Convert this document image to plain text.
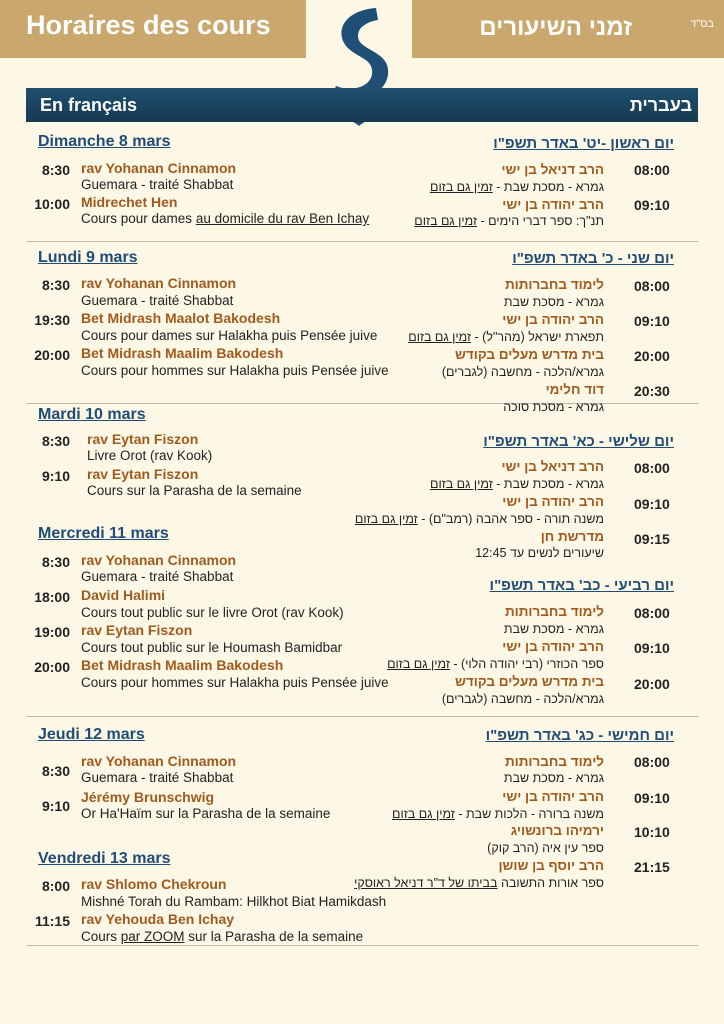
Horaires des cours	זמני השיעורים	בס"ד
En français	בעברית
Dimanche 8 mars
8:30 rav Yohanan Cinnamon
Guemara - traité Shabbat
10:00 Midrechet Hen
Cours pour dames au domicile du rav Ben Ichay
Lundi 9 mars
8:30 rav Yohanan Cinnamon
Guemara - traité Shabbat
19:30 Bet Midrash Maalot Bakodesh
Cours pour dames sur Halakha puis Pensée juive
20:00 Bet Midrash Maalim Bakodesh
Cours pour hommes sur Halakha puis Pensée juive
Mardi 10 mars
8:30 rav Eytan Fiszon
Livre Orot (rav Kook)
9:10 rav Eytan Fiszon
Cours sur la Parasha de la semaine
Mercredi 11 mars
8:30 rav Yohanan Cinnamon
Guemara - traité Shabbat
18:00 David Halimi
Cours tout public sur le livre Orot (rav Kook)
19:00 rav Eytan Fiszon
Cours tout public sur le Houmash Bamidbar
20:00 Bet Midrash Maalim Bakodesh
Cours pour hommes sur Halakha puis Pensée juive
Jeudi 12 mars
8:30
rav Yohanan Cinnamon
Guemara - traité Shabbat
9:10
Jérémy Brunschwig
Or Ha'Haïm sur la Parasha de la semaine
Vendredi 13 mars
8:00 rav Shlomo Chekroun
Mishné Torah du Rambam: Hilkhot Biat Hamikdash
11:15 rav Yehouda Ben Ichay
Cours par ZOOM sur la Parasha de la semaine
יום ראשון -יט' באדר תשפ"ו
08:00
הרב דניאל בן ישי
גמרא - מסכת שבת - זמין גם בזום
09:10
הרב יהודה בן ישי
תנ"ך: ספר דברי הימים - זמין גם בזום
יום שני - כ' באדר תשפ"ו
08:00
לימוד בחברותות
גמרא - מסכת שבת
09:10
הרב יהודה בן ישי
תפארת ישראל (מהר"ל) - זמין גם בזום
20:00
בית מדרש מעלים בקודש
גמרא/הלכה - מחשבה (לגברים)
20:30
דוד חלימי
גמרא - מסכת סוכה
יום שלישי - כא' באדר תשפ"ו
08:00
הרב דניאל בן ישי
גמרא - מסכת שבת - זמין גם בזום
09:10
הרב יהודה בן ישי
משנה תורה - ספר אהבה (רמב"ם) - זמין גם בזום
09:15
מדרשת חן
שיעורים לנשים עד 12:45
יום רביעי - כב' באדר תשפ"ו
08:00
לימוד בחברותות
גמרא - מסכת שבת
09:10
הרב יהודה בן ישי
ספר הכוזרי (רבי יהודה הלוי) - זמין גם בזום
20:00
בית מדרש מעלים בקודש
גמרא/הלכה - מחשבה (לגברים)
יום חמישי - כג' באדר תשפ"ו
08:00
לימוד בחברותות
גמרא - מסכת שבת
09:10
הרב יהודה בן ישי
משנה ברורה - הלכות שבת - זמין גם בזום
10:10
ירמיהו ברונשויג
ספר עין איה (הרב קוק)
21:15
הרב יוסף בן שושן
ספר אורות התשובה בביתו של ד"ר דניאל ראוסקי
